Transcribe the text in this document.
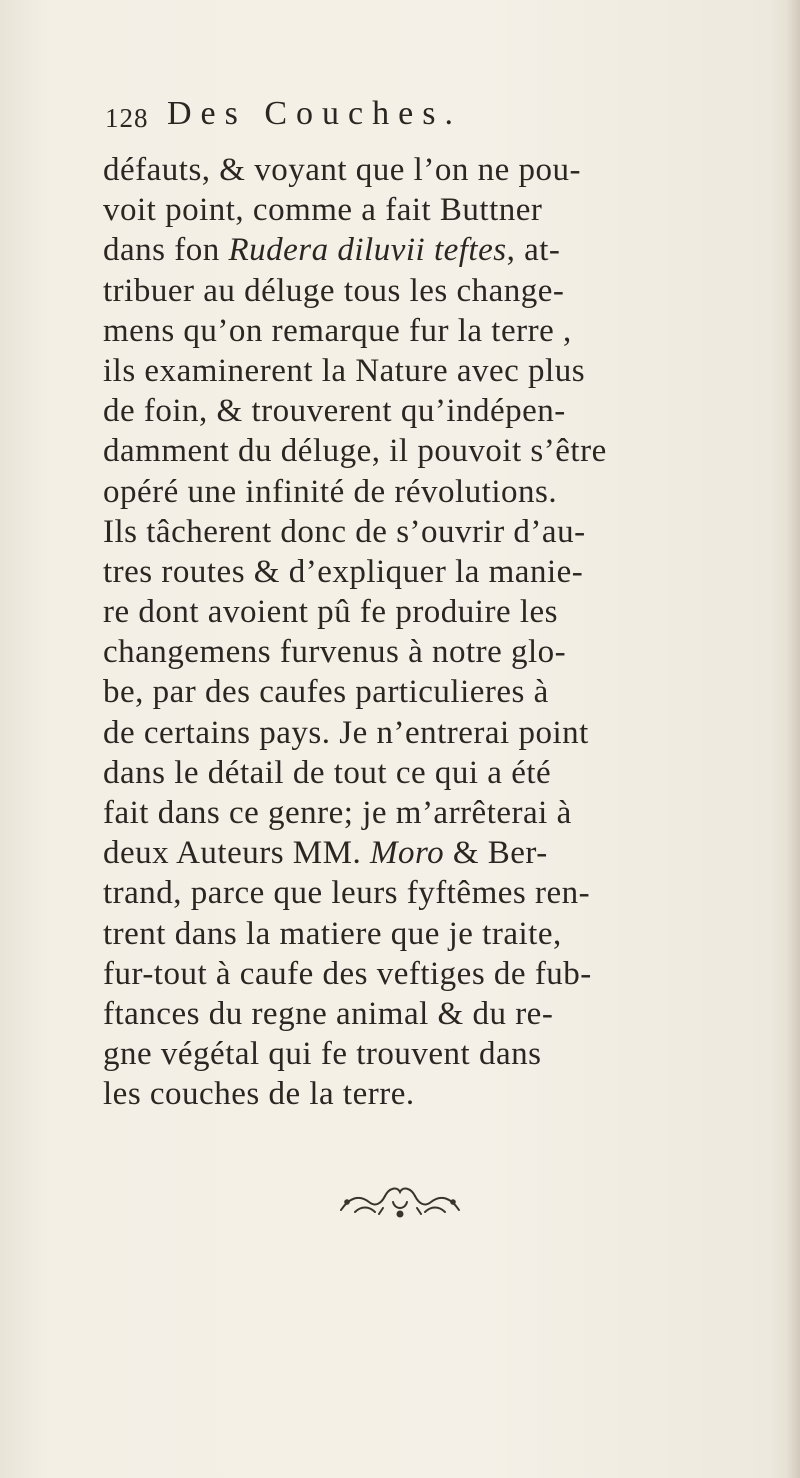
128 Des Couches.
défauts, & voyant que l’on ne pou-
voit point, comme a fait Buttner
dans fon Rudera diluvii teftes, at-
tribuer au déluge tous les change-
mens qu’on remarque fur la terre ,
ils examinerent la Nature avec plus
de foin, & trouverent qu’indépen-
damment du déluge, il pouvoit s’être
opéré une infinité de révolutions.
Ils tâcherent donc de s’ouvrir d’au-
tres routes & d’expliquer la manie-
re dont avoient pû fe produire les
changemens furvenus à notre glo-
be, par des caufes particulieres à
de certains pays. Je n’entrerai point
dans le détail de tout ce qui a été
fait dans ce genre; je m’arrêterai à
deux Auteurs MM. Moro & Ber-
trand, parce que leurs fyftêmes ren-
trent dans la matiere que je traite,
fur-tout à caufe des veftiges de fub-
ftances du regne animal & du re-
gne végétal qui fe trouvent dans
les couches de la terre.
